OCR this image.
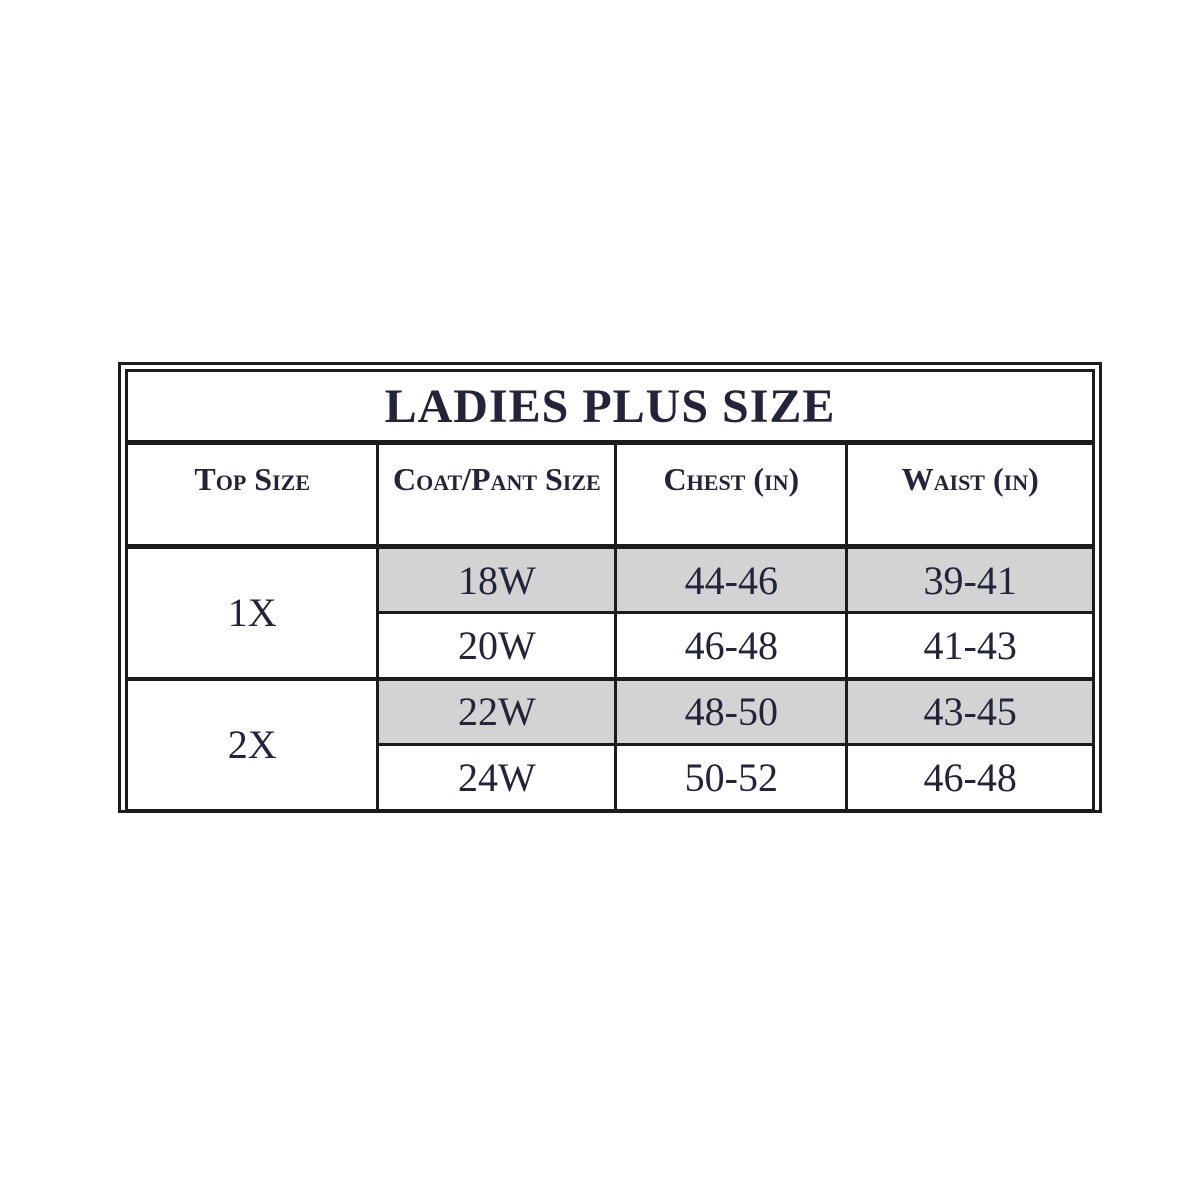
LADIES PLUS SIZE			
Top Size	Coat/Pant Size	Chest (in)	Waist (in)
1X	18W	44-46	39-41
	20W	46-48	41-43
2X	22W	48-50	43-45
	24W	50-52	46-48
